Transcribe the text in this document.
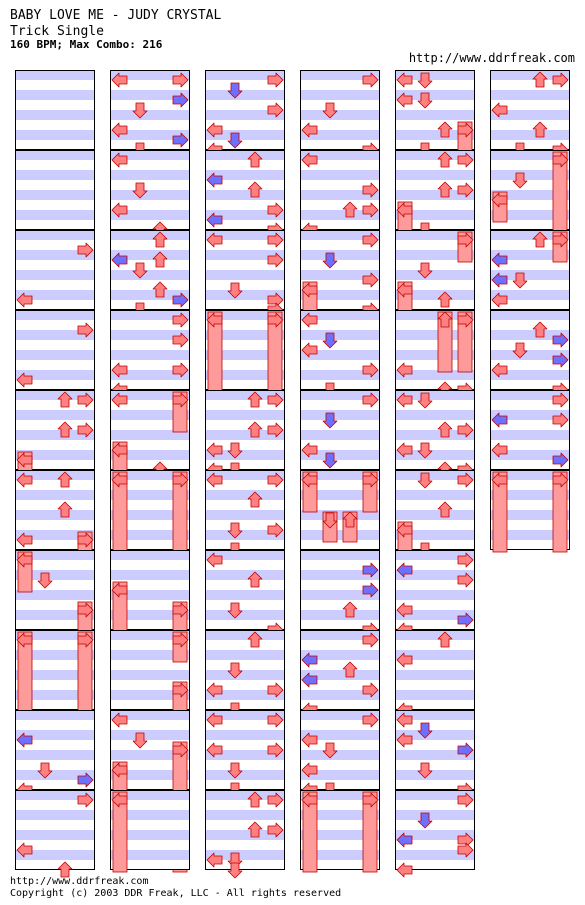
BABY LOVE ME - JUDY CRYSTAL
Trick Single
160 BPM; Max Combo: 216
http://www.ddrfreak.com
http://www.ddrfreak.com
Copyright (c) 2003 DDR Freak, LLC - All rights reserved
